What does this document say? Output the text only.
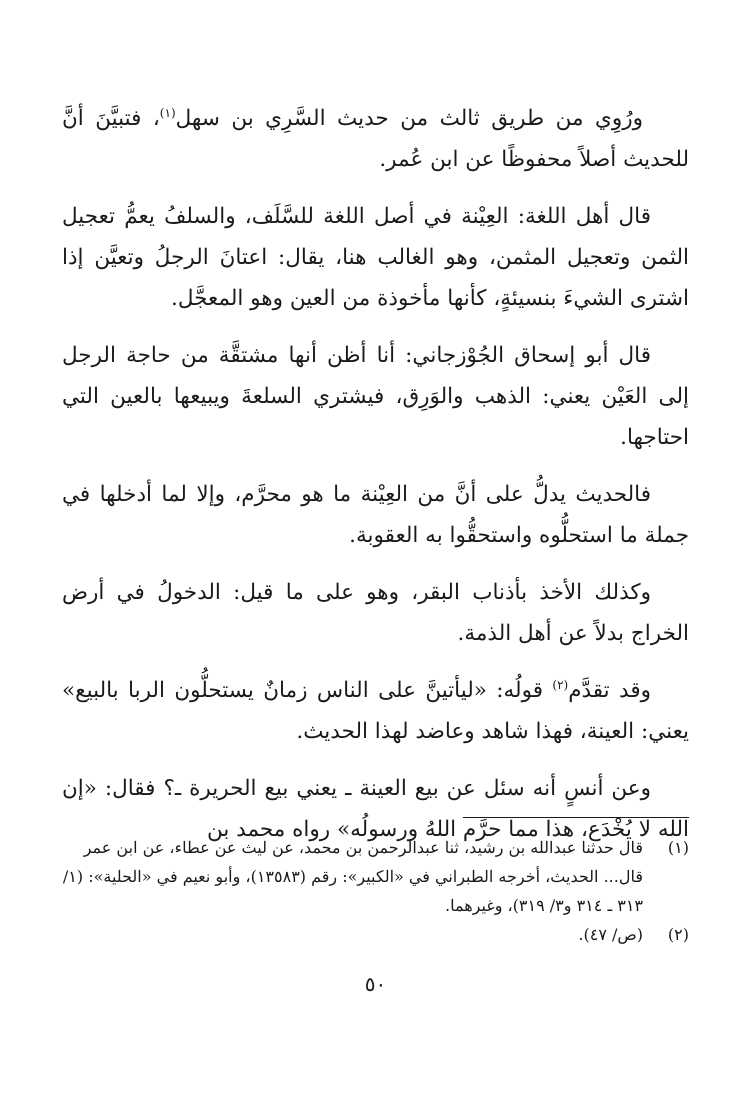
ورُوِي من طريق ثالث من حديث السَّرِي بن سهل$^{(١)}$، فتبيَّنَ أنَّ للحديث أصلاً محفوظًا عن ابن عُمر.

قال أهل اللغة: العِيْنة في أصل اللغة للسَّلَف، والسلفُ يعمُّ تعجيل الثمن وتعجيل المثمن، وهو الغالب هنا، يقال: اعتانَ الرجلُ وتعيَّن إذا اشترى الشيءَ بنسيئةٍ، كأنها مأخوذة من العين وهو المعجَّل.

قال أبو إسحاق الجُوْزجاني: أنا أظن أنها مشتقَّة من حاجة الرجل إلى العَيْن يعني: الذهب والوَرِق، فيشتري السلعةَ ويبيعها بالعين التي احتاجها.

فالحديث يدلُّ على أنَّ من العِيْنة ما هو محرَّم، وإلا لما أدخلها في جملة ما استحلُّوه واستحقُّوا به العقوبة.

وكذلك الأخذ بأذناب البقر، وهو على ما قيل: الدخولُ في أرض الخراج بدلاً عن أهل الذمة.

وقد تقدَّم$^{(٢)}$ قولُه: «ليأتينَّ على الناس زمانٌ يستحلُّون الربا بالبيع» يعني: العينة، فهذا شاهد وعاضد لهذا الحديث.

وعن أنسٍ أنه سئل عن بيع العينة ـ يعني بيع الحريرة ـ؟ فقال: «إن الله لا يُخْدَع، هذا مما حرَّم اللهُ ورسولُه» رواه محمد بن

(١)
قال حدثنا عبدالله بن رشيد، ثنا عبدالرحمن بن محمد، عن ليث عن عطاء، عن ابن عمر قال... الحديث، أخرجه الطبراني في «الكبير»: رقم (١٣٥٨٣)، وأبو نعيم في «الحلية»: (١/ ٣١٣ ـ ٣١٤ و٣/ ٣١٩)، وغيرهما.

(٢)
(ص/ ٤٧).

٥٠
